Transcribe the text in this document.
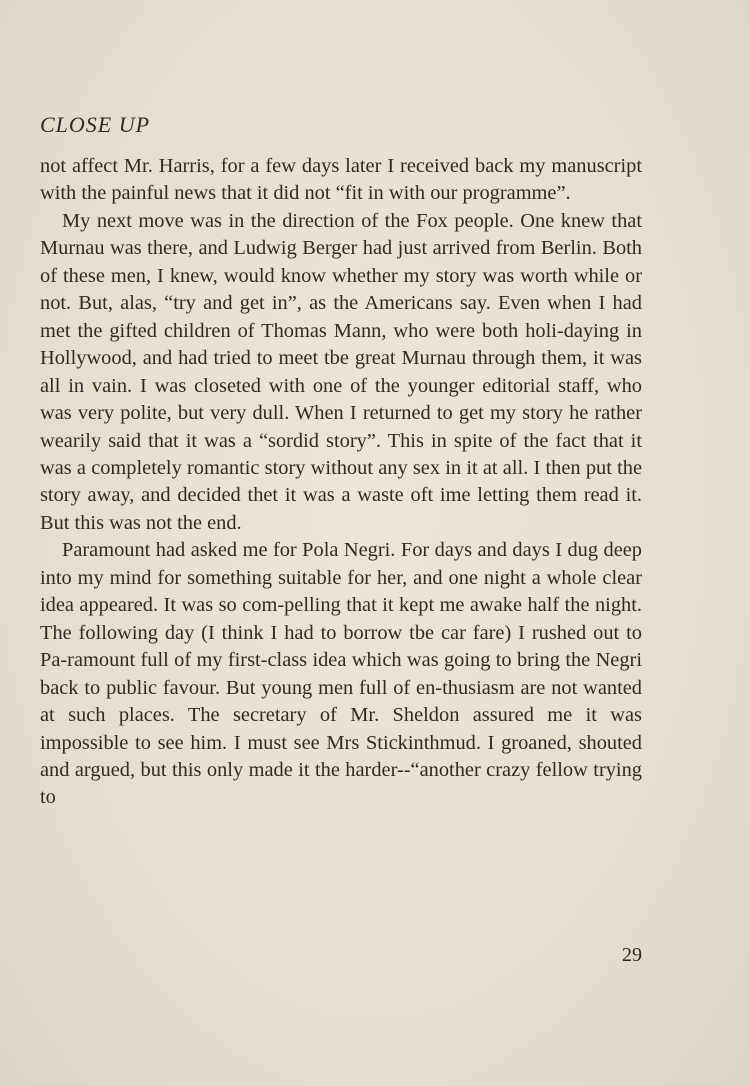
CLOSE UP

not affect Mr. Harris, for a few days later I received back my manuscript with the painful news that it did not “fit in with our programme”.

My next move was in the direction of the Fox people. One knew that Murnau was there, and Ludwig Berger had just arrived from Berlin. Both of these men, I knew, would know whether my story was worth while or not. But, alas, “try and get in”, as the Americans say. Even when I had met the gifted children of Thomas Mann, who were both holi-daying in Hollywood, and had tried to meet tbe great Murnau through them, it was all in vain. I was closeted with one of the younger editorial staff, who was very polite, but very dull. When I returned to get my story he rather wearily said that it was a “sordid story”. This in spite of the fact that it was a completely romantic story without any sex in it at all. I then put the story away, and decided thet it was a waste oft ime letting them read it. But this was not the end.

Paramount had asked me for Pola Negri. For days and days I dug deep into my mind for something suitable for her, and one night a whole clear idea appeared. It was so com-pelling that it kept me awake half the night. The following day (I think I had to borrow tbe car fare) I rushed out to Pa-ramount full of my first-class idea which was going to bring the Negri back to public favour. But young men full of en-thusiasm are not wanted at such places. The secretary of Mr. Sheldon assured me it was impossible to see him. I must see Mrs Stickinthmud. I groaned, shouted and argued, but this only made it the harder--“another crazy fellow trying to

29
